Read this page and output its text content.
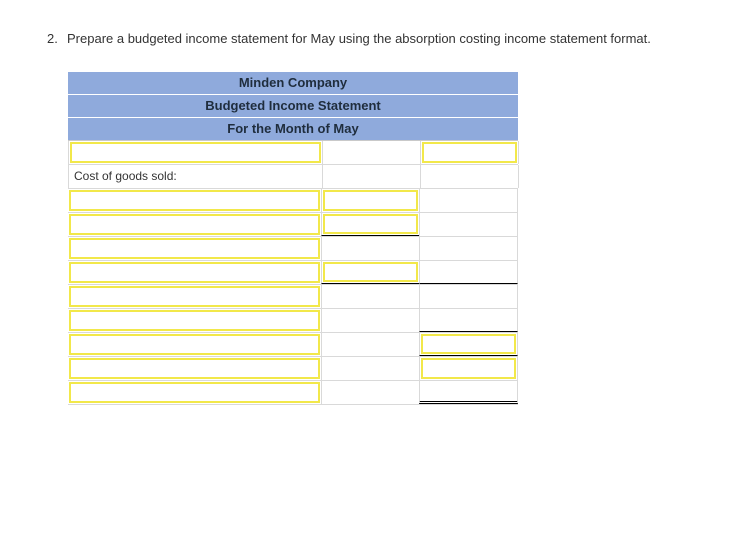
2. Prepare a budgeted income statement for May using the absorption costing income statement format.
Minden Company
Budgeted Income Statement
For the Month of May
Cost of goods sold:
